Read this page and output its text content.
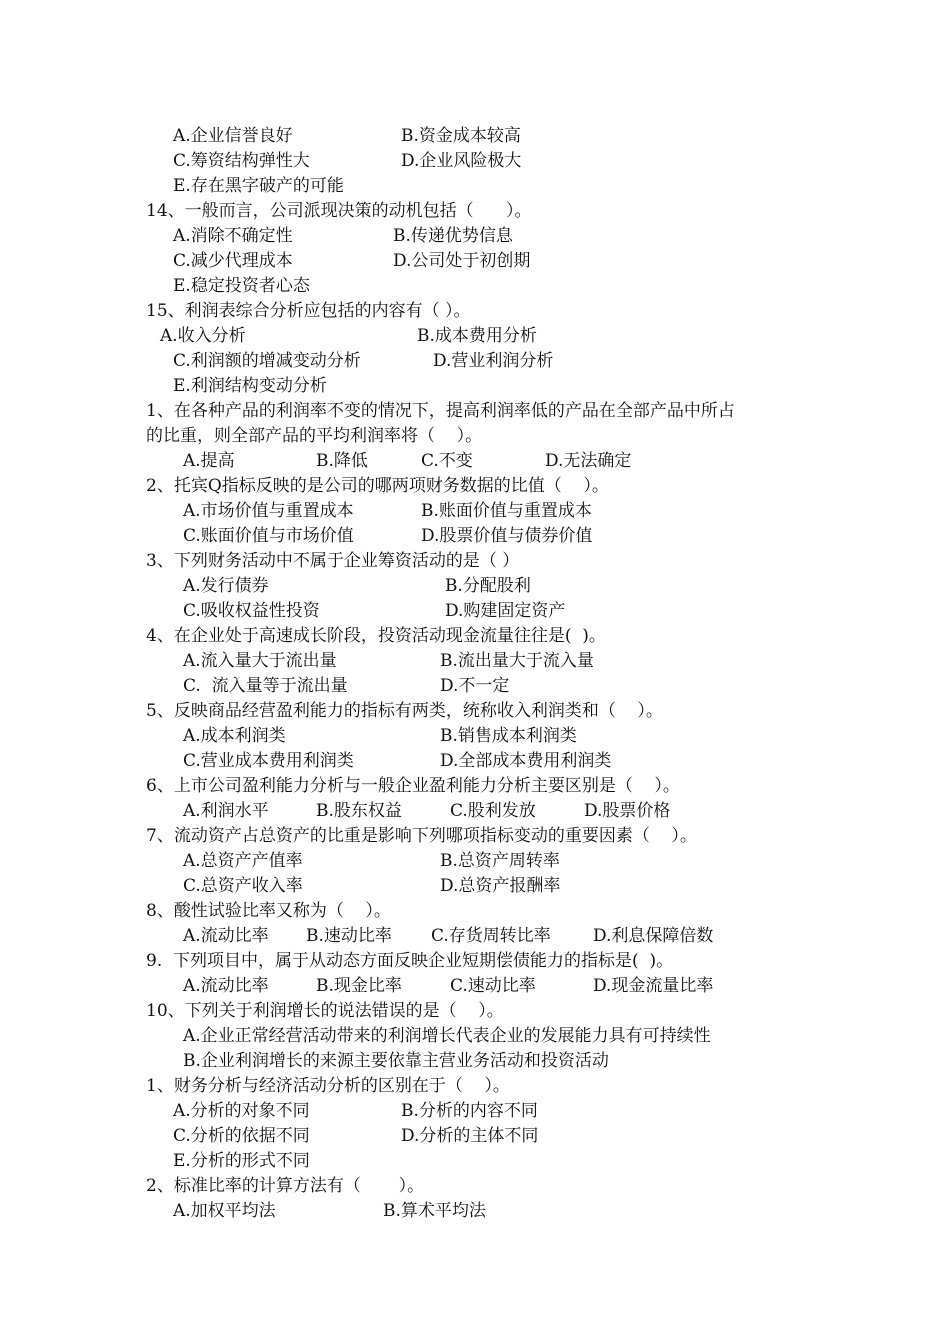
A.企业信誉良好	B.资金成本较高
C.筹资结构弹性大	D.企业风险极大
E.存在黑字破产的可能
14、一般而言，公司派现决策的动机包括（      ）。
A.消除不确定性	B.传递优势信息
C.减少代理成本	D.公司处于初创期
E.稳定投资者心态
15、利润表综合分析应包括的内容有（ ）。
A.收入分析	B.成本费用分析
C.利润额的增减变动分析	D.营业利润分析
E.利润结构变动分析
1、在各种产品的利润率不变的情况下，提高利润率低的产品在全部产品中所占
的比重，则全部产品的平均利润率将（    ）。
A.提高	B.降低	C.不变	D.无法确定
2、托宾Q指标反映的是公司的哪两项财务数据的比值（    ）。
A.市场价值与重置成本	B.账面价值与重置成本
C.账面价值与市场价值	D.股票价值与债券价值
3、下列财务活动中不属于企业筹资活动的是（ ）
A.发行债券	B.分配股利
C.吸收权益性投资	D.购建固定资产
4、在企业处于高速成长阶段，投资活动现金流量往往是(  )。
A.流入量大于流出量	B.流出量大于流入量
C.  流入量等于流出量	D.不一定
5、反映商品经营盈利能力的指标有两类，统称收入利润类和（    ）。
A.成本利润类	B.销售成本利润类
C.营业成本费用利润类	D.全部成本费用利润类
6、上市公司盈利能力分析与一般企业盈利能力分析主要区别是（    ）。
A.利润水平	B.股东权益	C.股利发放	D.股票价格
7、流动资产占总资产的比重是影响下列哪项指标变动的重要因素（    ）。
A.总资产产值率	B.总资产周转率
C.总资产收入率	D.总资产报酬率
8、酸性试验比率又称为（    ）。
A.流动比率 B.速动比率 C.存货周转比率 D.利息保障倍数
9.  下列项目中，属于从动态方面反映企业短期偿债能力的指标是(  )。
A.流动比率	B.现金比率	C.速动比率	D.现金流量比率
10、下列关于利润增长的说法错误的是（    ）。
A.企业正常经营活动带来的利润增长代表企业的发展能力具有可持续性
B.企业利润增长的来源主要依靠主营业务活动和投资活动
1、财务分析与经济活动分析的区别在于（    ）。
A.分析的对象不同	B.分析的内容不同
C.分析的依据不同	D.分析的主体不同
E.分析的形式不同
2、标准比率的计算方法有（       ）。
A.加权平均法	B.算术平均法
